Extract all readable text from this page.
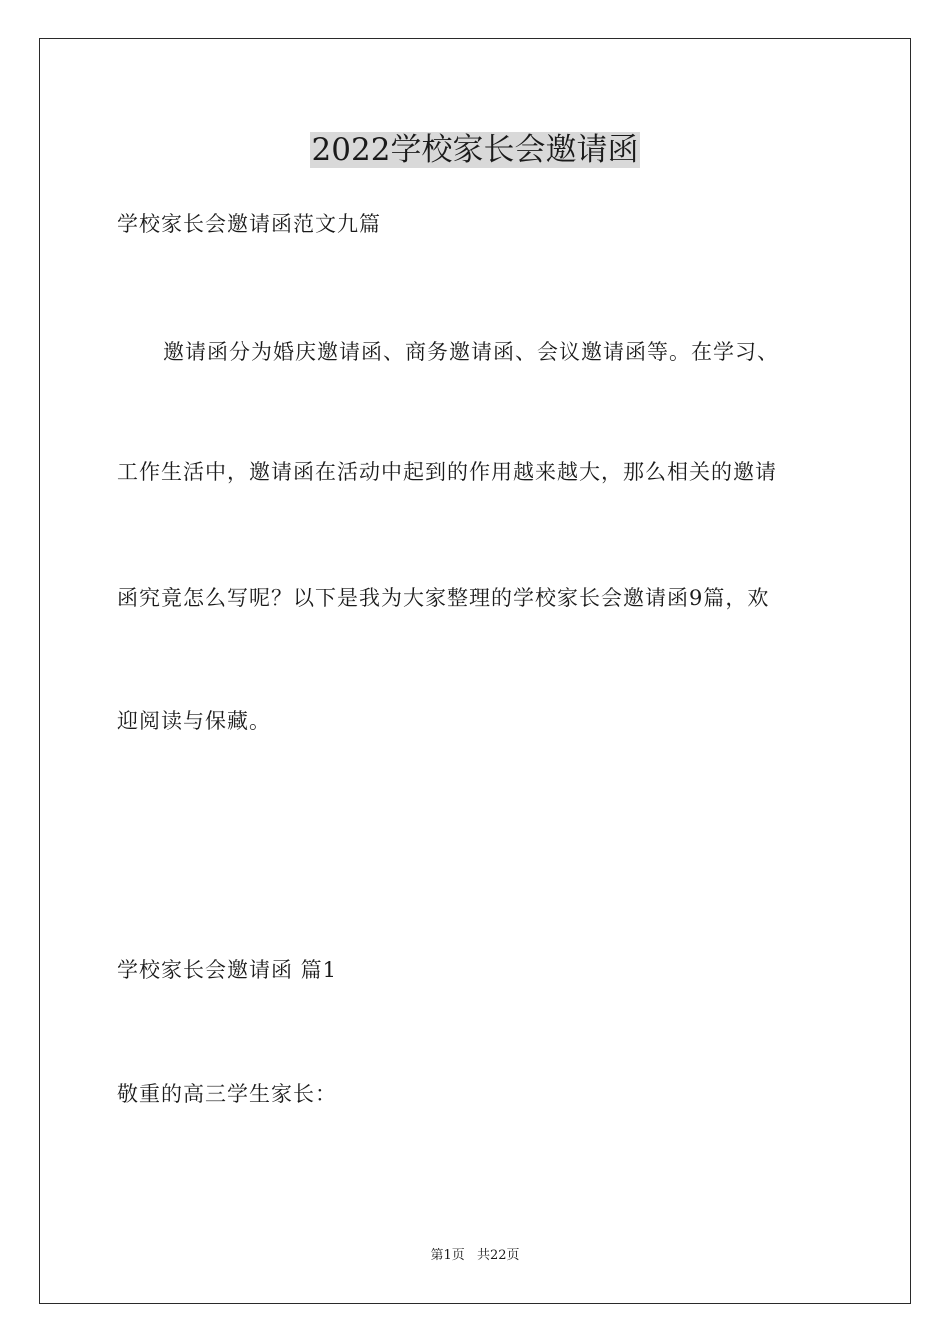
2022学校家长会邀请函

学校家长会邀请函范文九篇

邀请函分为婚庆邀请函、商务邀请函、会议邀请函等。在学习、

工作生活中，邀请函在活动中起到的作用越来越大，那么相关的邀请

函究竟怎么写呢？以下是我为大家整理的学校家长会邀请函9篇，欢

迎阅读与保藏。

学校家长会邀请函 篇1

敬重的高三学生家长：

第1页 共22页
